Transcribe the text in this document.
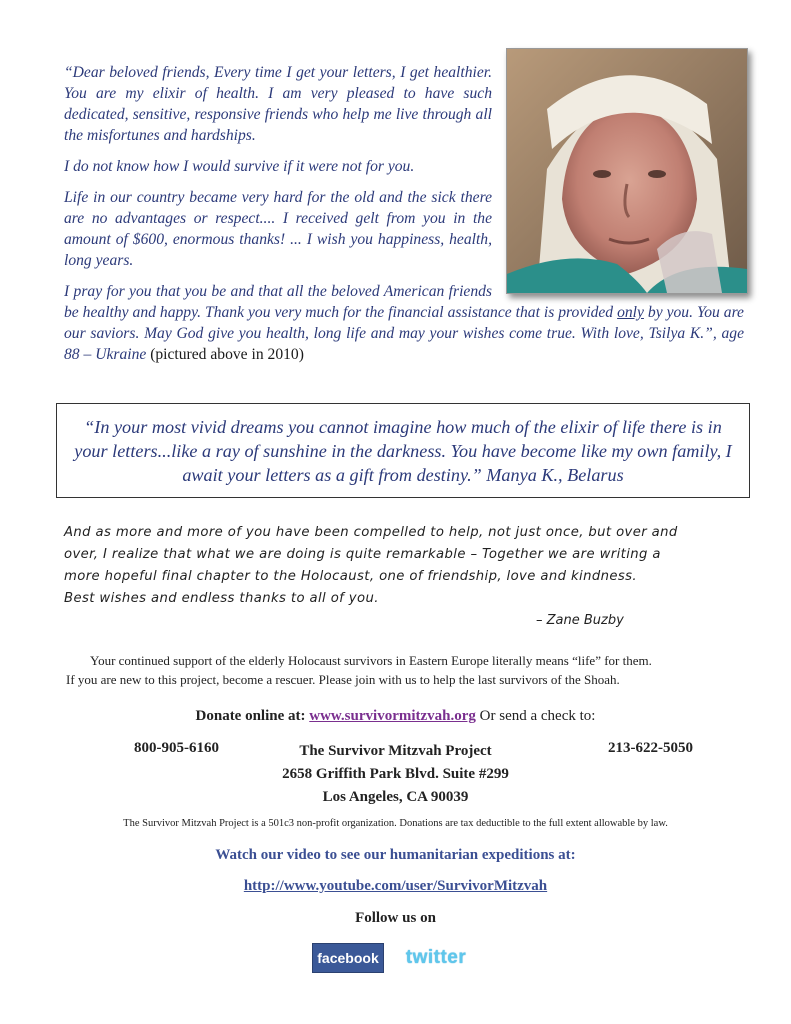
“Dear beloved friends, Every time I get your letters, I get healthier. You are my elixir of health. I am very pleased to have such dedicated, sensitive, responsive friends who help me live through all the misfortunes and hardships.

I do not know how I would survive if it were not for you.

Life in our country became very hard for the old and the sick there are no advantages or respect.... I received gelt from you in the amount of $600, enormous thanks! ... I wish you happiness, health, long years.

I pray for you that you be and that all the beloved American friends be healthy and happy. Thank you very much for the financial assistance that is provided only by you. You are our saviors. May God give you health, long life and may your wishes come true. With love, Tsilya K.”, age 88 – Ukraine (pictured above in 2010)

“In your most vivid dreams you cannot imagine how much of the elixir of life there is in your letters...like a ray of sunshine in the darkness. You have become like my own family, I await your letters as a gift from destiny.” Manya K., Belarus

And as more and more of you have been compelled to help, not just once, but over and

over, I realize that what we are doing is quite remarkable – Together we are writing a

more hopeful final chapter to the Holocaust, one of friendship, love and kindness.

Best wishes and endless thanks to all of you.

– Zane Buzby

Your continued support of the elderly Holocaust survivors in Eastern Europe literally means “life” for them.

If you are new to this project, become a rescuer. Please join with us to help the last survivors of the Shoah.

Donate online at: www.survivormitzvah.org Or send a check to:
800-905-6160	The Survivor Mitzvah Project
2658 Griffith Park Blvd. Suite #299
Los Angeles, CA 90039
213-622-5050
The Survivor Mitzvah Project is a 501c3 non-profit organization. Donations are tax deductible to the full extent allowable by law.
Watch our video to see our humanitarian expeditions at:
http://www.youtube.com/user/SurvivorMitzvah
Follow us on
facebook twitter
